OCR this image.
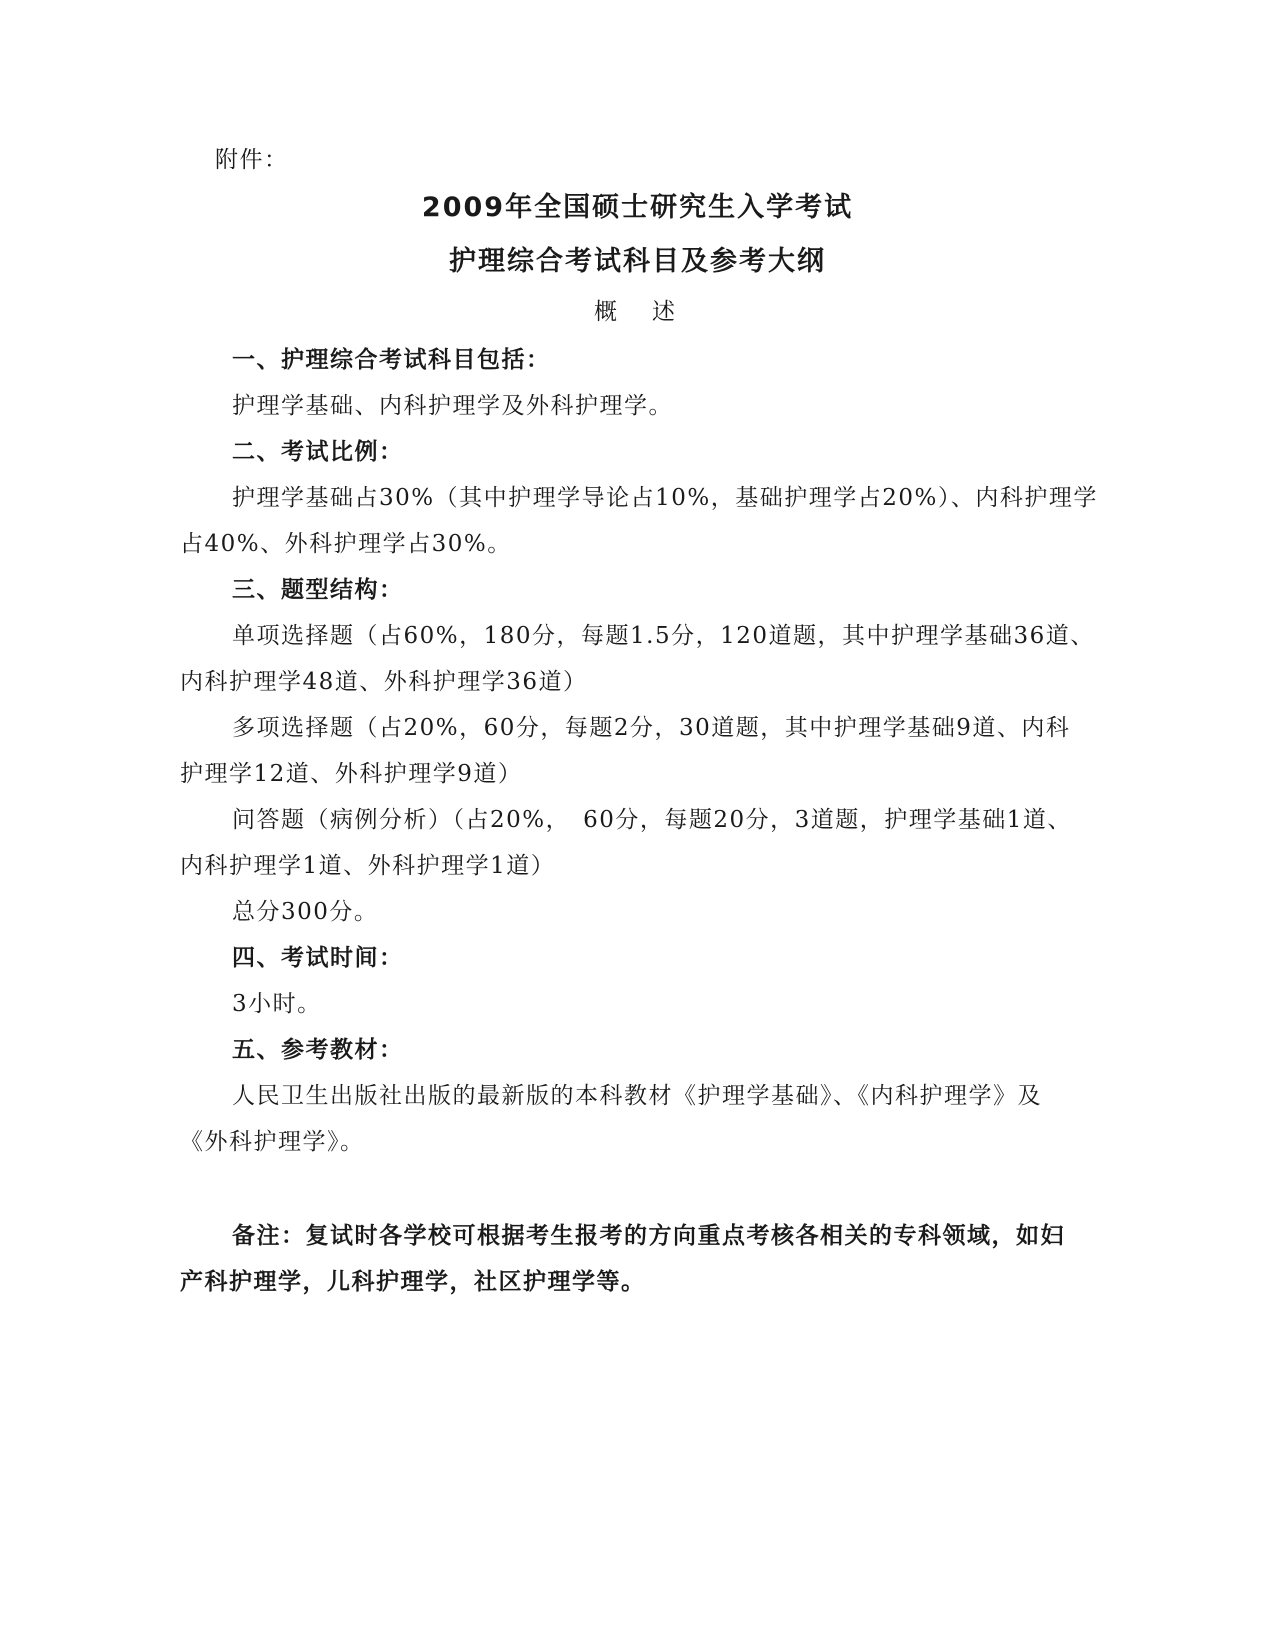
附件：
2009年全国硕士研究生入学考试
护理综合考试科目及参考大纲
概　述
一、护理综合考试科目包括：
护理学基础、内科护理学及外科护理学。
二、考试比例：
护理学基础占30%（其中护理学导论占10%，基础护理学占20%）、内科护理学
占40%、外科护理学占30%。
三、题型结构：
单项选择题（占60%，180分，每题1.5分，120道题，其中护理学基础36道、
内科护理学48道、外科护理学36道）
多项选择题（占20%，60分，每题2分，30道题，其中护理学基础9道、内科
护理学12道、外科护理学9道）
问答题（病例分析）（占20%，　60分，每题20分，3道题，护理学基础1道、
内科护理学1道、外科护理学1道）
总分300分。
四、考试时间：
3小时。
五、参考教材：
人民卫生出版社出版的最新版的本科教材《护理学基础》、《内科护理学》及
《外科护理学》。
备注：复试时各学校可根据考生报考的方向重点考核各相关的专科领域，如妇
产科护理学，儿科护理学，社区护理学等。
